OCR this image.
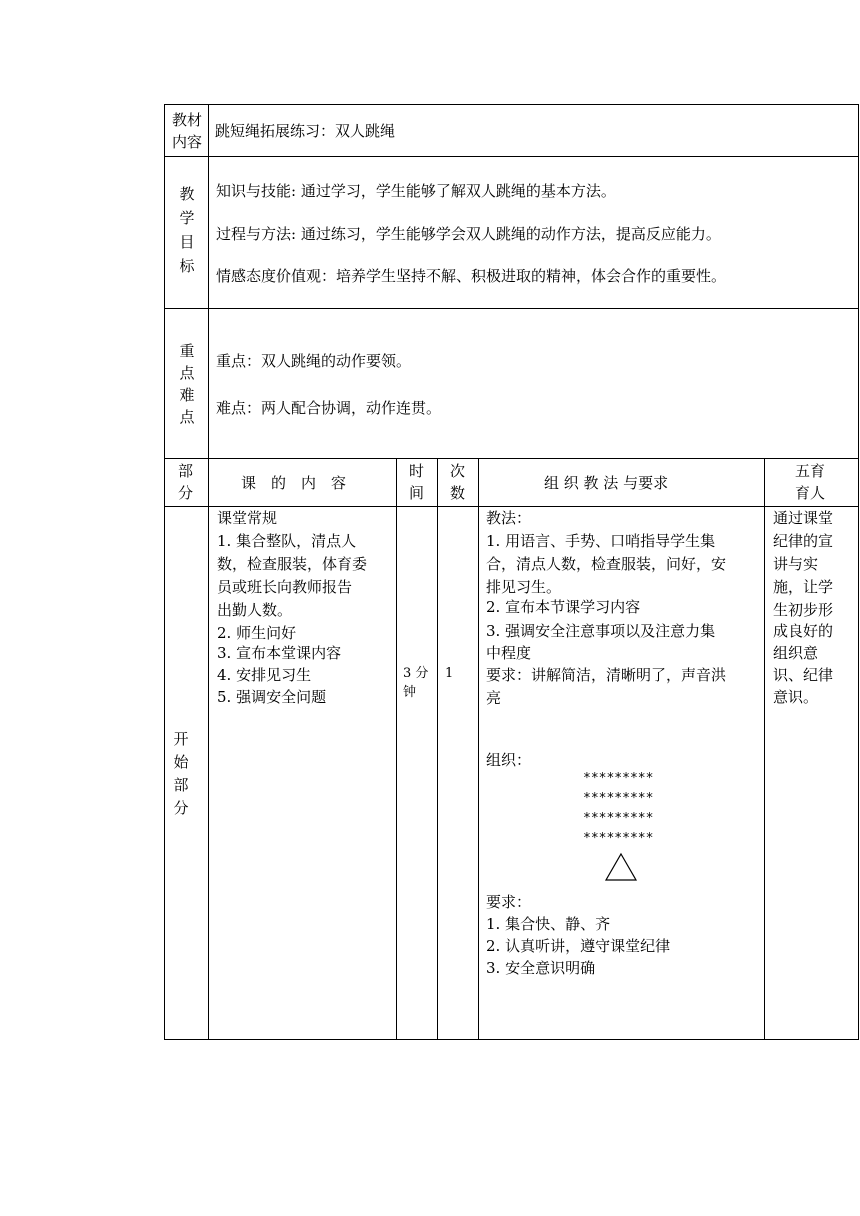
教材
内容
跳短绳拓展练习：双人跳绳
教
学
目
标
知识与技能: 通过学习，学生能够了解双人跳绳的基本方法。
过程与方法: 通过练习，学生能够学会双人跳绳的动作方法，提高反应能力。
情感态度价值观：培养学生坚持不解、积极进取的精神，体会合作的重要性。
重
点
难
点
重点：双人跳绳的动作要领。
难点：两人配合协调，动作连贯。
部
分
课　的　内　容
时
间
次
数
组 织 教 法 与要求
五育
育人
开
始
部
分
课堂常规
1. 集合整队，清点人
数，检查服装，体育委
员或班长向教师报告
出勤人数。
2. 师生问好
3. 宣布本堂课内容
4. 安排见习生
5. 强调安全问题
3 分
钟
1
教法：
1. 用语言、手势、口哨指导学生集
合，清点人数，检查服装，问好，安
排见习生。
2. 宣布本节课学习内容
3. 强调安全注意事项以及注意力集
中程度
要求：讲解简洁，清晰明了，声音洪
亮
组织：
*********
*********
*********
*********
要求：
1. 集合快、静、齐
2. 认真听讲，遵守课堂纪律
3. 安全意识明确
通过课堂
纪律的宣
讲与实
施，让学
生初步形
成良好的
组织意
识、纪律
意识。
